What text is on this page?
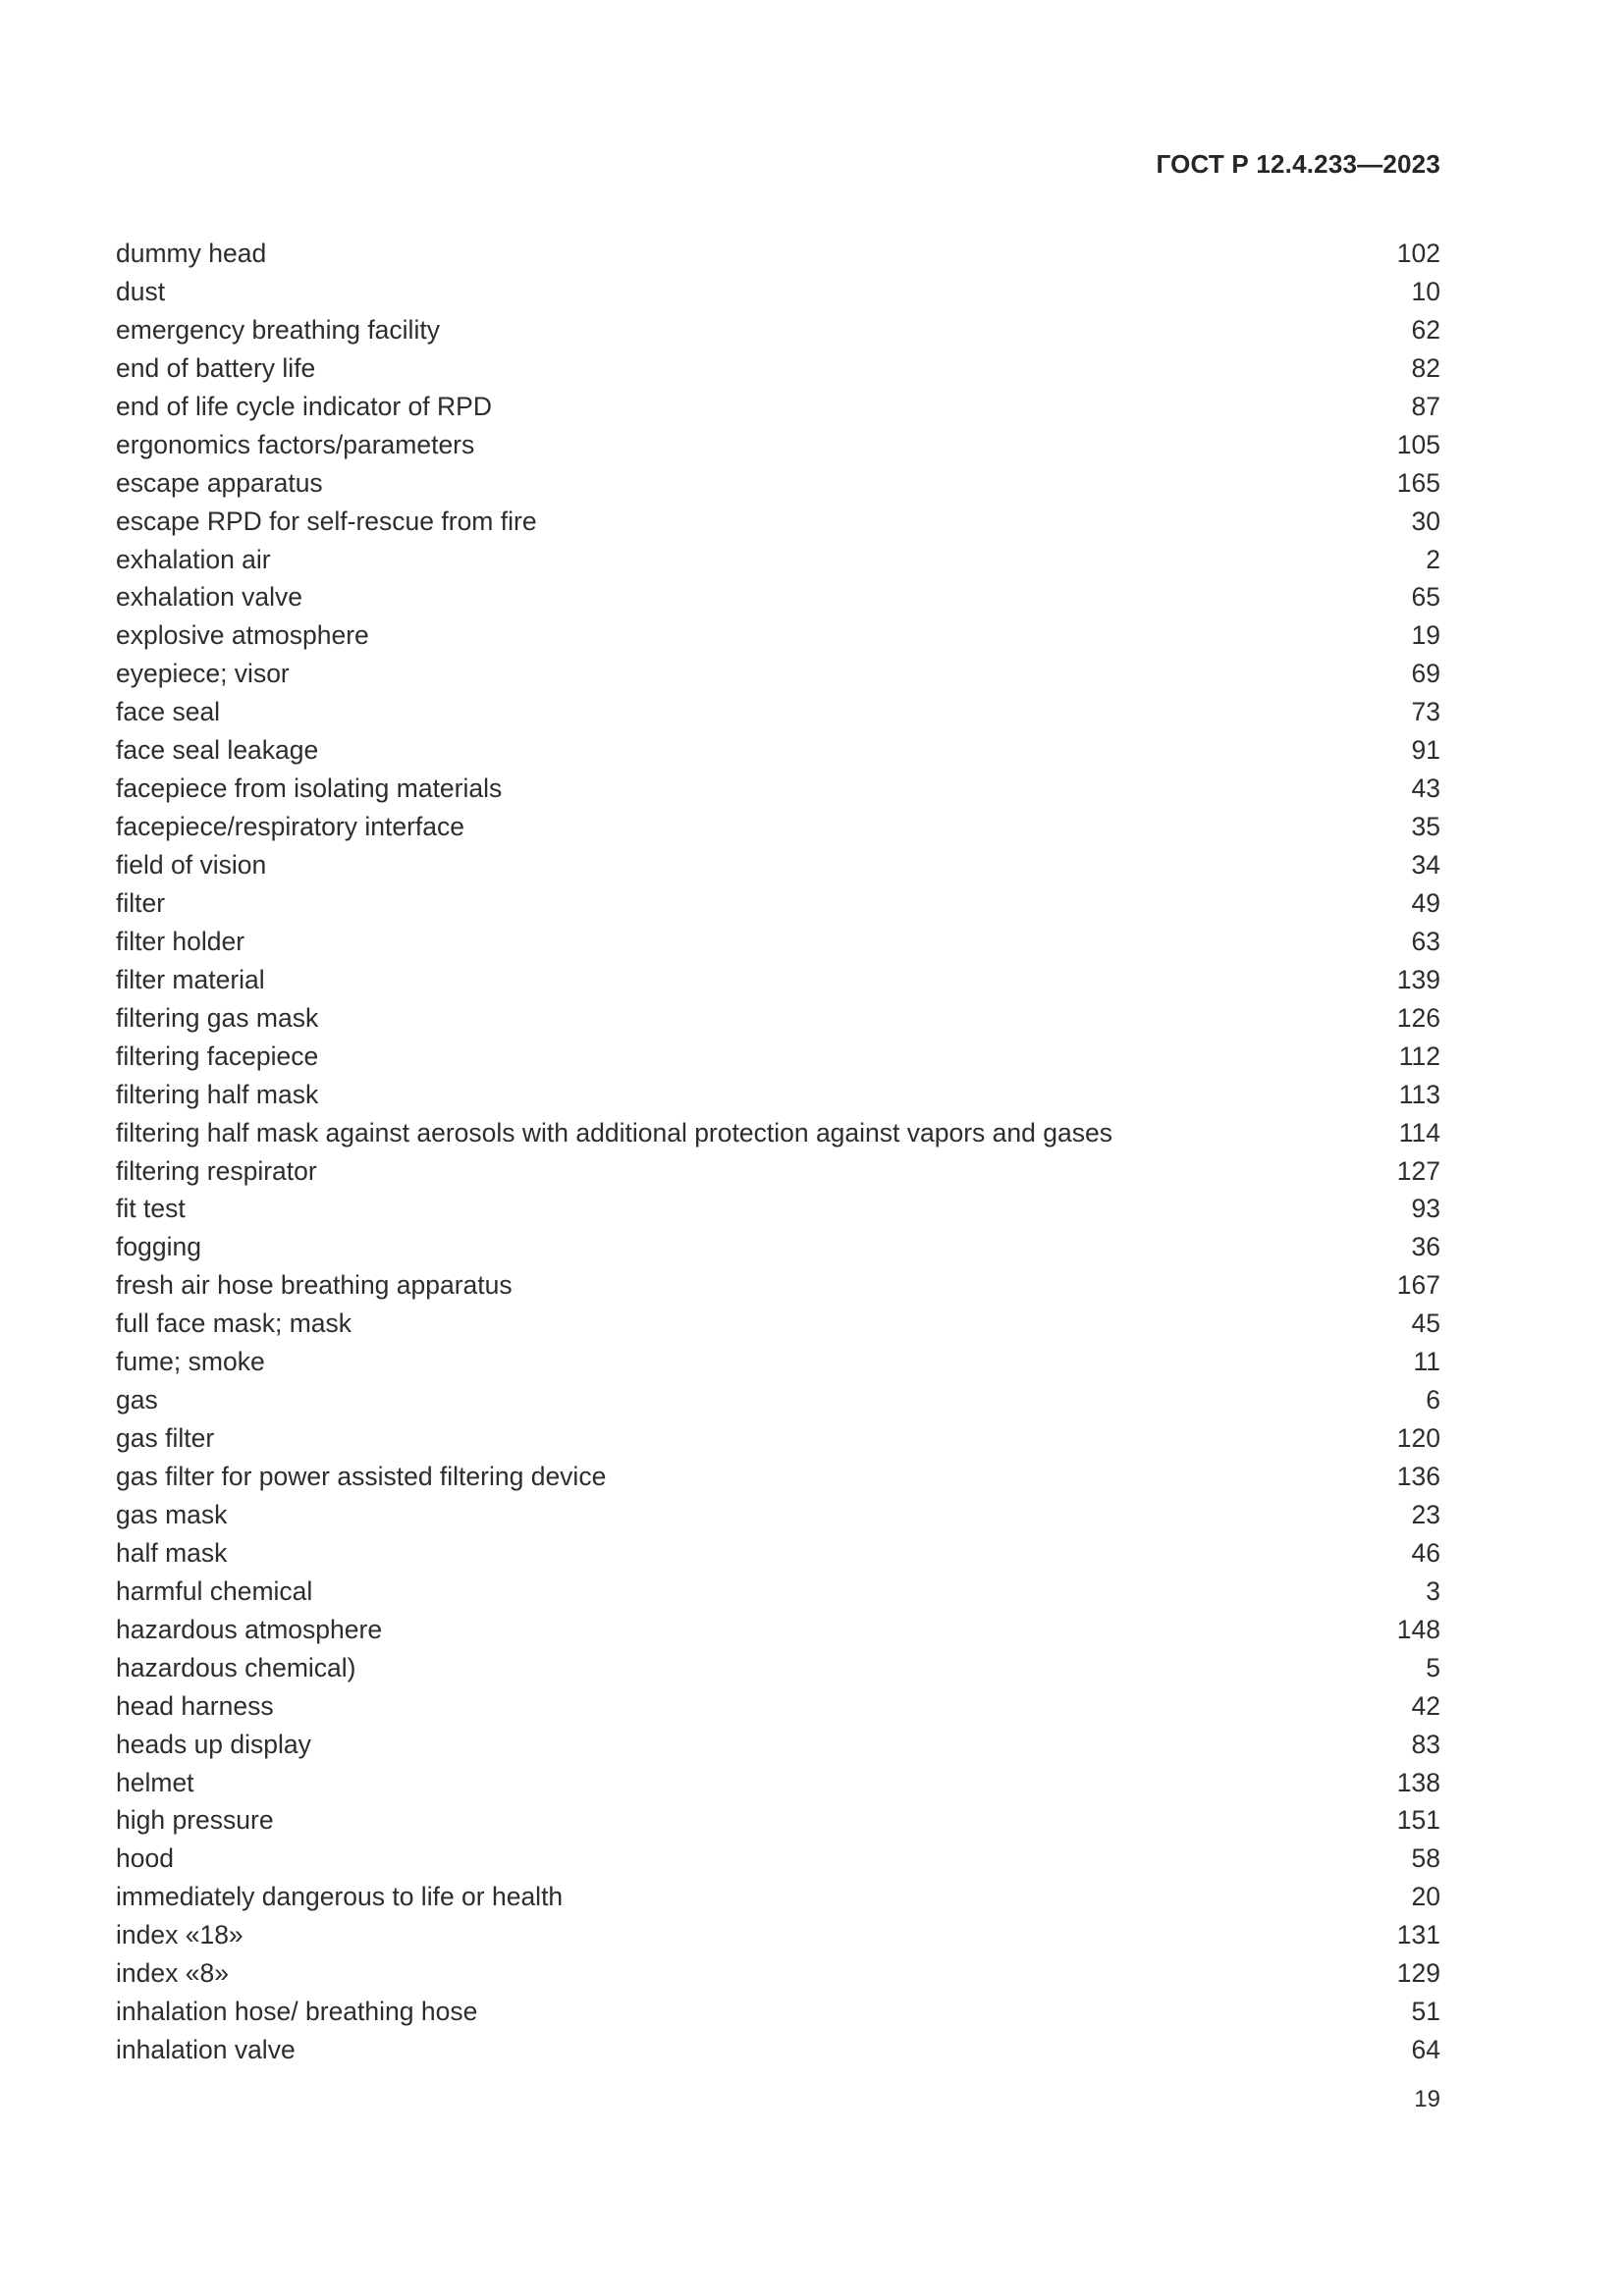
ГОСТ Р 12.4.233—2023
dummy head	102
dust	10
emergency breathing facility	62
end of battery life	82
end of life cycle indicator of RPD	87
ergonomics factors/parameters	105
escape apparatus	165
escape RPD for self-rescue from fire	30
exhalation air	2
exhalation valve	65
explosive atmosphere	19
eyepiece; visor	69
face seal	73
face seal leakage	91
facepiece from isolating materials	43
facepiece/respiratory interface	35
field of vision	34
filter	49
filter holder	63
filter material	139
filtering gas mask	126
filtering facepiece	112
filtering half mask	113
filtering half mask against aerosols with additional protection against vapors and gases	114
filtering respirator	127
fit test	93
fogging	36
fresh air hose breathing apparatus	167
full face mask; mask	45
fume; smoke	11
gas	6
gas filter	120
gas filter for power assisted filtering device	136
gas mask	23
half mask	46
harmful chemical	3
hazardous atmosphere	148
hazardous chemical)	5
head harness	42
heads up display	83
helmet	138
high pressure	151
hood	58
immediately dangerous to life or health	20
index «18»	131
index «8»	129
inhalation hose/ breathing hose	51
inhalation valve	64
19
